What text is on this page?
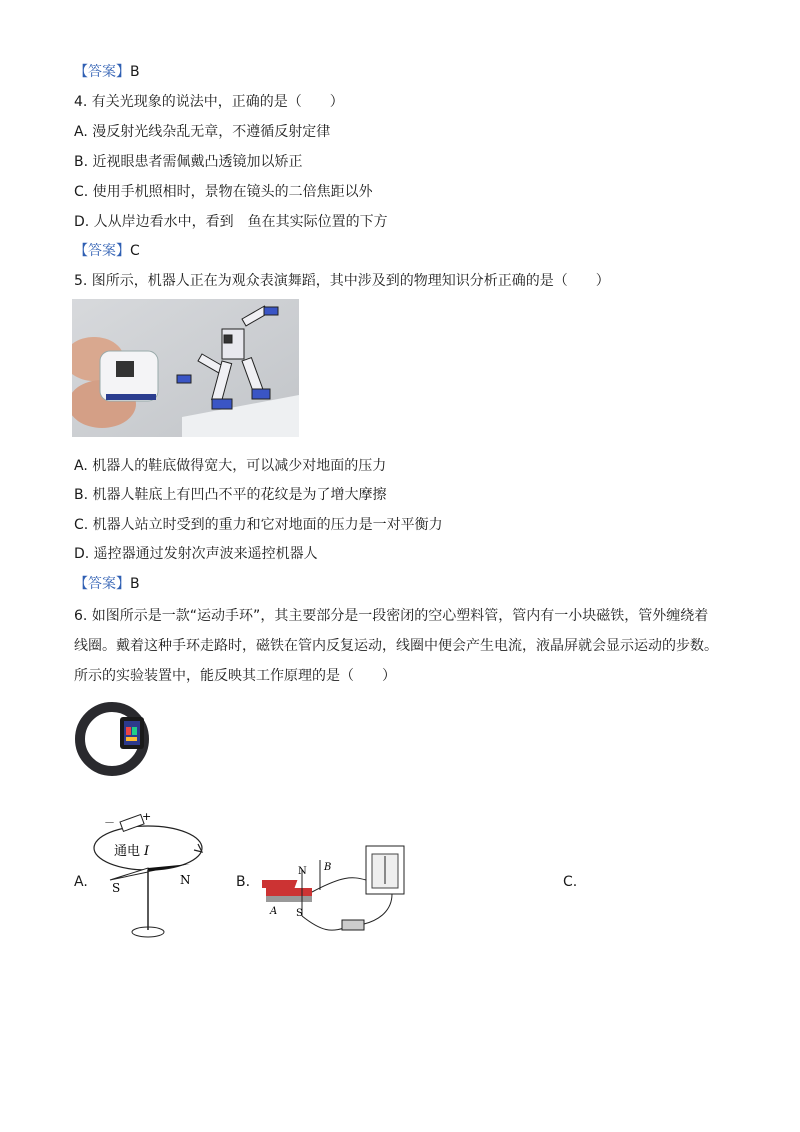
【答案】B
4. 有关光现象的说法中，正确的是（　　）
A. 漫反射光线杂乱无章，不遵循反射定律
B. 近视眼患者需佩戴凸透镜加以矫正
C. 使用手机照相时，景物在镜头的二倍焦距以外
D. 人从岸边看水中，看到　鱼在其实际位置的下方
【答案】C
5. 图所示，机器人正在为观众表演舞蹈，其中涉及到的物理知识分析正确的是（　　）
A. 机器人的鞋底做得宽大，可以减少对地面的压力
B. 机器人鞋底上有凹凸不平的花纹是为了增大摩擦
C. 机器人站立时受到的重力和它对地面的压力是一对平衡力
D. 遥控器通过发射次声波来遥控机器人
【答案】B
6. 如图所示是一款“运动手环”，其主要部分是一段密闭的空心塑料管，管内有一小块磁铁，管外缠绕着
线圈。戴着这种手环走路时，磁铁在管内反复运动，线圈中便会产生电流，液晶屏就会显示运动的步数。
所示的实验装置中，能反映其工作原理的是（　　）
A.	B.	C.
－ +
通电 I
S
N
N
S
A
B
